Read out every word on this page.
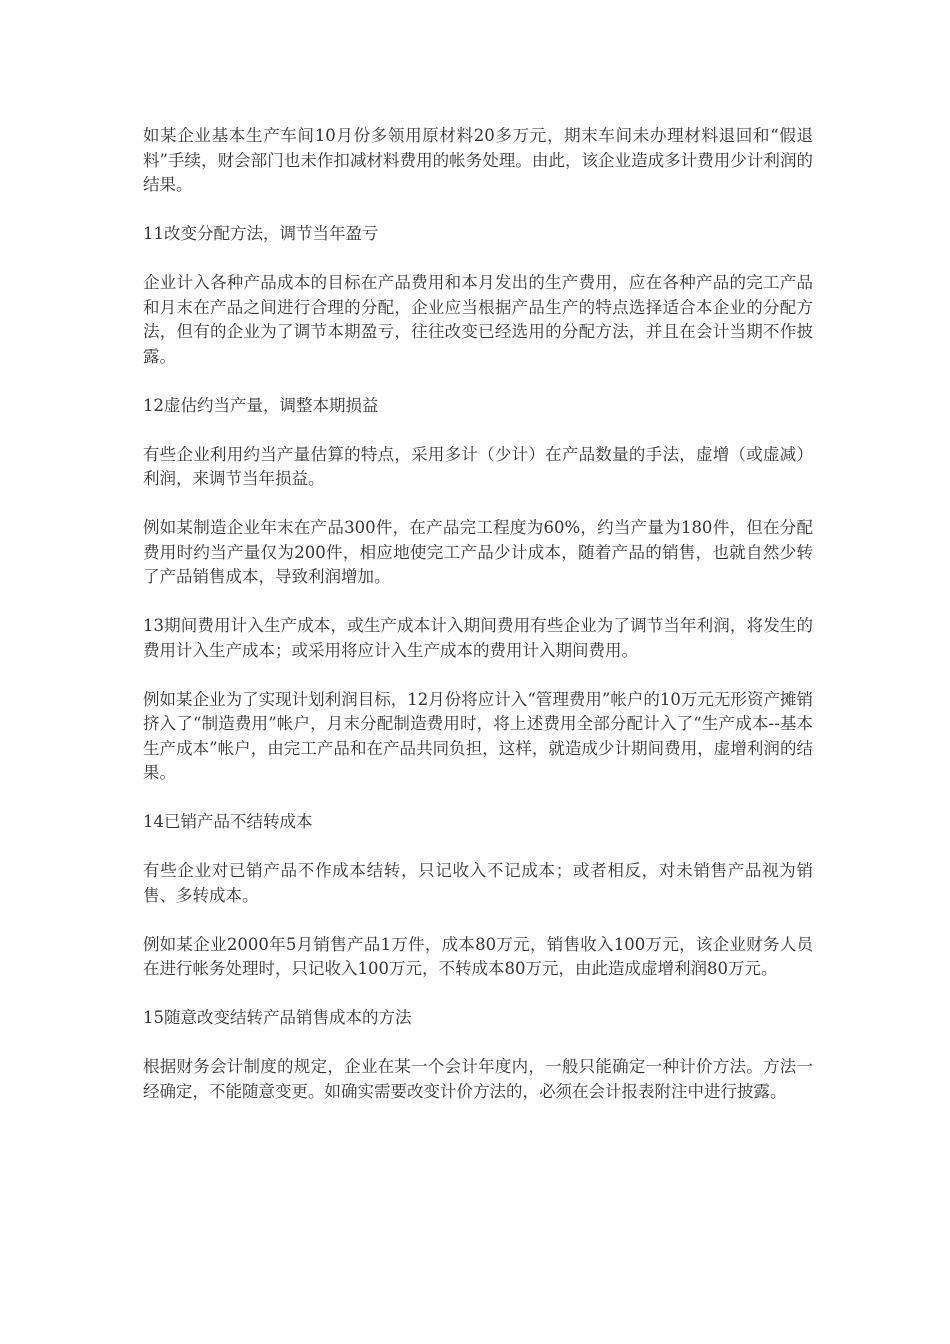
如某企业基本生产车间10月份多领用原材料20多万元，期末车间未办理材料退回和“假退料”手续，财会部门也未作扣减材料费用的帐务处理。由此，该企业造成多计费用少计利润的结果。

11改变分配方法，调节当年盈亏

企业计入各种产品成本的目标在产品费用和本月发出的生产费用，应在各种产品的完工产品和月末在产品之间进行合理的分配，企业应当根据产品生产的特点选择适合本企业的分配方法，但有的企业为了调节本期盈亏，往往改变已经选用的分配方法，并且在会计当期不作披露。

12虚估约当产量，调整本期损益

有些企业利用约当产量估算的特点，采用多计（少计）在产品数量的手法，虚增（或虚减）利润，来调节当年损益。

例如某制造企业年末在产品300件，在产品完工程度为60%，约当产量为180件，但在分配费用时约当产量仅为200件，相应地使完工产品少计成本，随着产品的销售，也就自然少转了产品销售成本，导致利润增加。

13期间费用计入生产成本，或生产成本计入期间费用有些企业为了调节当年利润，将发生的费用计入生产成本；或采用将应计入生产成本的费用计入期间费用。

例如某企业为了实现计划利润目标，12月份将应计入“管理费用”帐户的10万元无形资产摊销挤入了“制造费用”帐户，月末分配制造费用时，将上述费用全部分配计入了“生产成本--基本生产成本”帐户，由完工产品和在产品共同负担，这样，就造成少计期间费用，虚增利润的结果。

14已销产品不结转成本

有些企业对已销产品不作成本结转，只记收入不记成本；或者相反，对未销售产品视为销售、多转成本。

例如某企业2000年5月销售产品1万件，成本80万元，销售收入100万元，该企业财务人员在进行帐务处理时，只记收入100万元，不转成本80万元，由此造成虚增利润80万元。

15随意改变结转产品销售成本的方法

根据财务会计制度的规定，企业在某一个会计年度内，一般只能确定一种计价方法。方法一经确定，不能随意变更。如确实需要改变计价方法的，必须在会计报表附注中进行披露。
